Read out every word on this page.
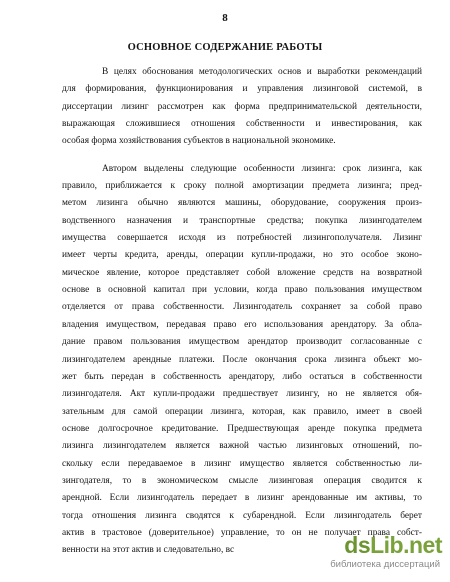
8
ОСНОВНОЕ СОДЕРЖАНИЕ РАБОТЫ
В целях обоснования методологических основ и выработки рекомендаций
для формирования, функционирования и управления лизинговой системой, в
диссертации лизинг рассмотрен как форма предпринимательской деятельности,
выражающая сложившиеся отношения собственности и инвестирования, как
особая форма хозяйствования субъектов в национальной экономике.
Автором выделены следующие особенности лизинга: срок лизинга, как
правило, приближается к сроку полной амортизации предмета лизинга; пред-
метом лизинга обычно являются машины, оборудование, сооружения произ-
водственного назначения и транспортные средства; покупка лизингодателем
имущества совершается исходя из потребностей лизингополучателя. Лизинг
имеет черты кредита, аренды, операции купли-продажи, но это особое эконо-
мическое явление, которое представляет собой вложение средств на возвратной
основе в основной капитал при условии, когда право пользования имуществом
отделяется от права собственности. Лизингодатель сохраняет за собой право
владения имуществом, передавая право его использования арендатору. За обла-
дание правом пользования имуществом арендатор производит согласованные с
лизингодателем арендные платежи. После окончания срока лизинга объект мо-
жет быть передан в собственность арендатору, либо остаться в собственности
лизингодателя. Акт купли-продажи предшествует лизингу, но не является обя-
зательным для самой операции лизинга, которая, как правило, имеет в своей
основе долгосрочное кредитование. Предшествующая аренде покупка предмета
лизинга лизингодателем является важной частью лизинговых отношений, по-
скольку если передаваемое в лизинг имущество является собственностью ли-
зингодателя, то в экономическом смысле лизинговая операция сводится к
арендной. Если лизингодатель передает в лизинг арендованные им активы, то
тогда отношения лизинга сводятся к субарендной. Если лизингодатель берет
актив в трастовое (доверительное) управление, то он не получает права собст-
венности на этот актив и следовательно, вс	dsLib.net
библиотека диссертаций
